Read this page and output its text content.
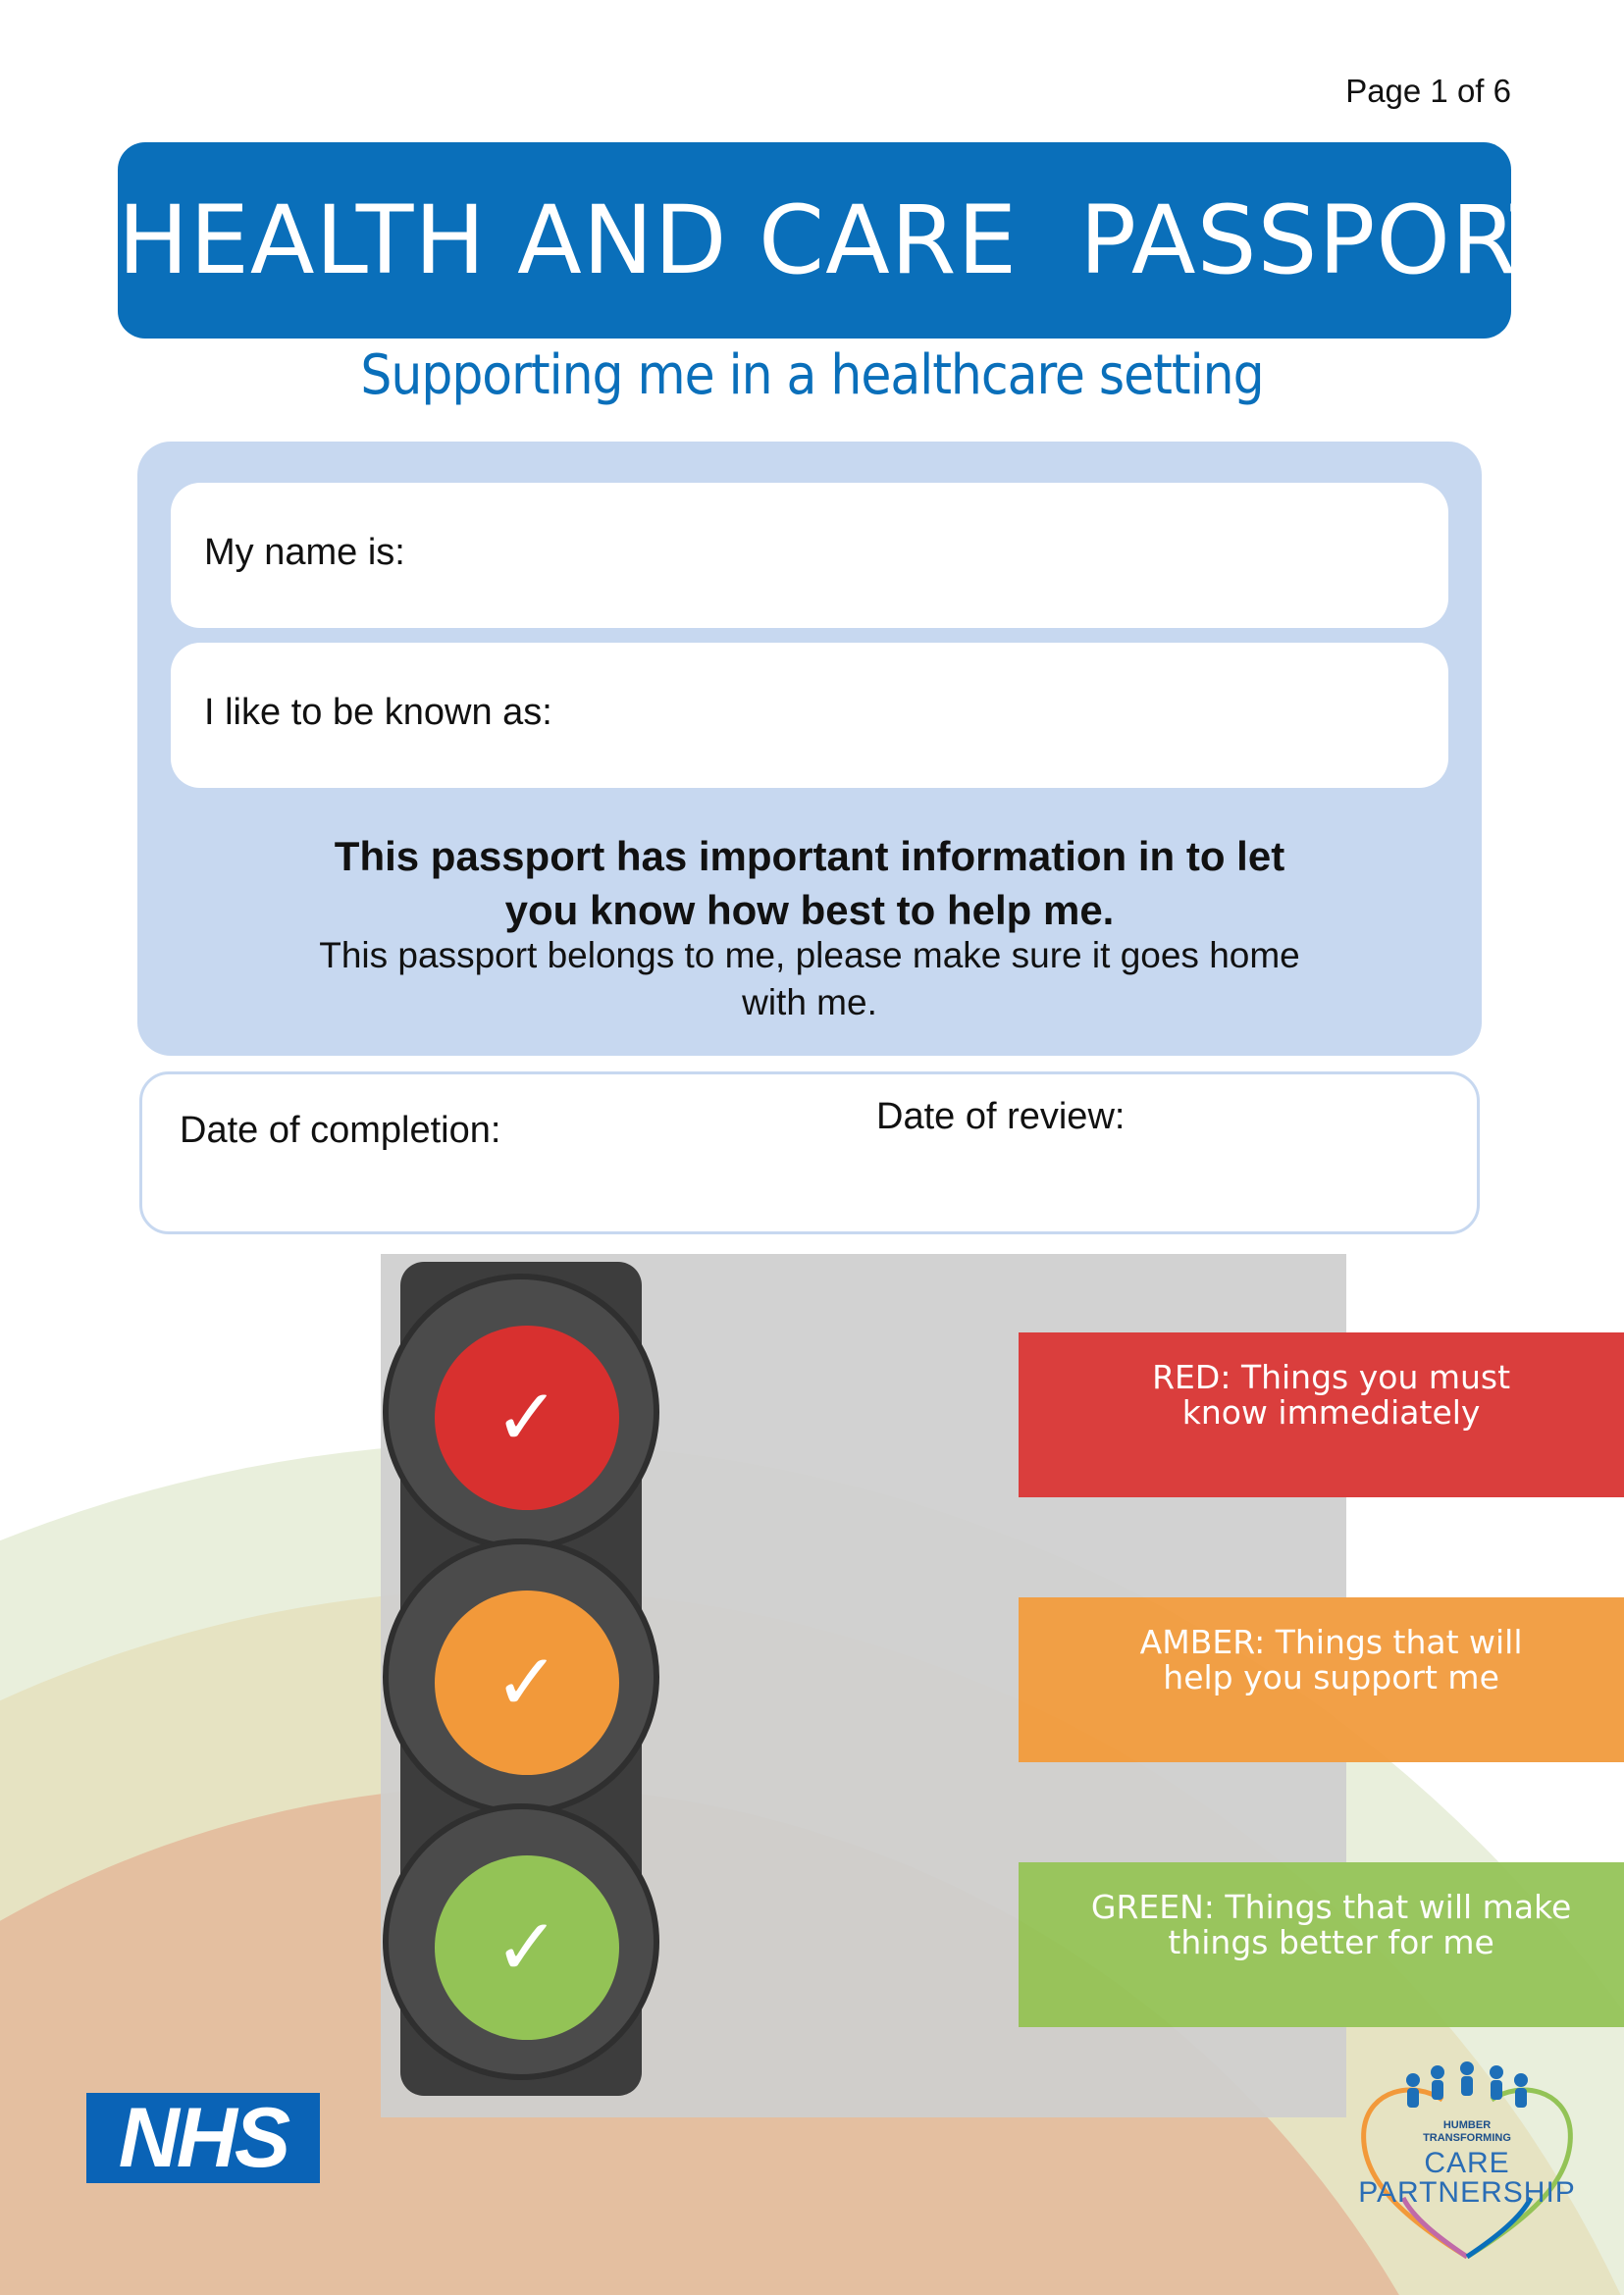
Page 1 of 6
HEALTH AND CARE  PASSPORT
Supporting me in a healthcare setting
My name is:
I like to be known as:
This passport has important information in to let
you know how best to help me.
This passport belongs to me, please make sure it goes home with me.
Date of completion:	Date of review:
RED: Things you must
know immediately
AMBER: Things that will
help you support me
GREEN: Things that will make
things better for me
✓
✓
✓
NHS	HUMBER
TRANSFORMING
CARE
PARTNERSHIP
